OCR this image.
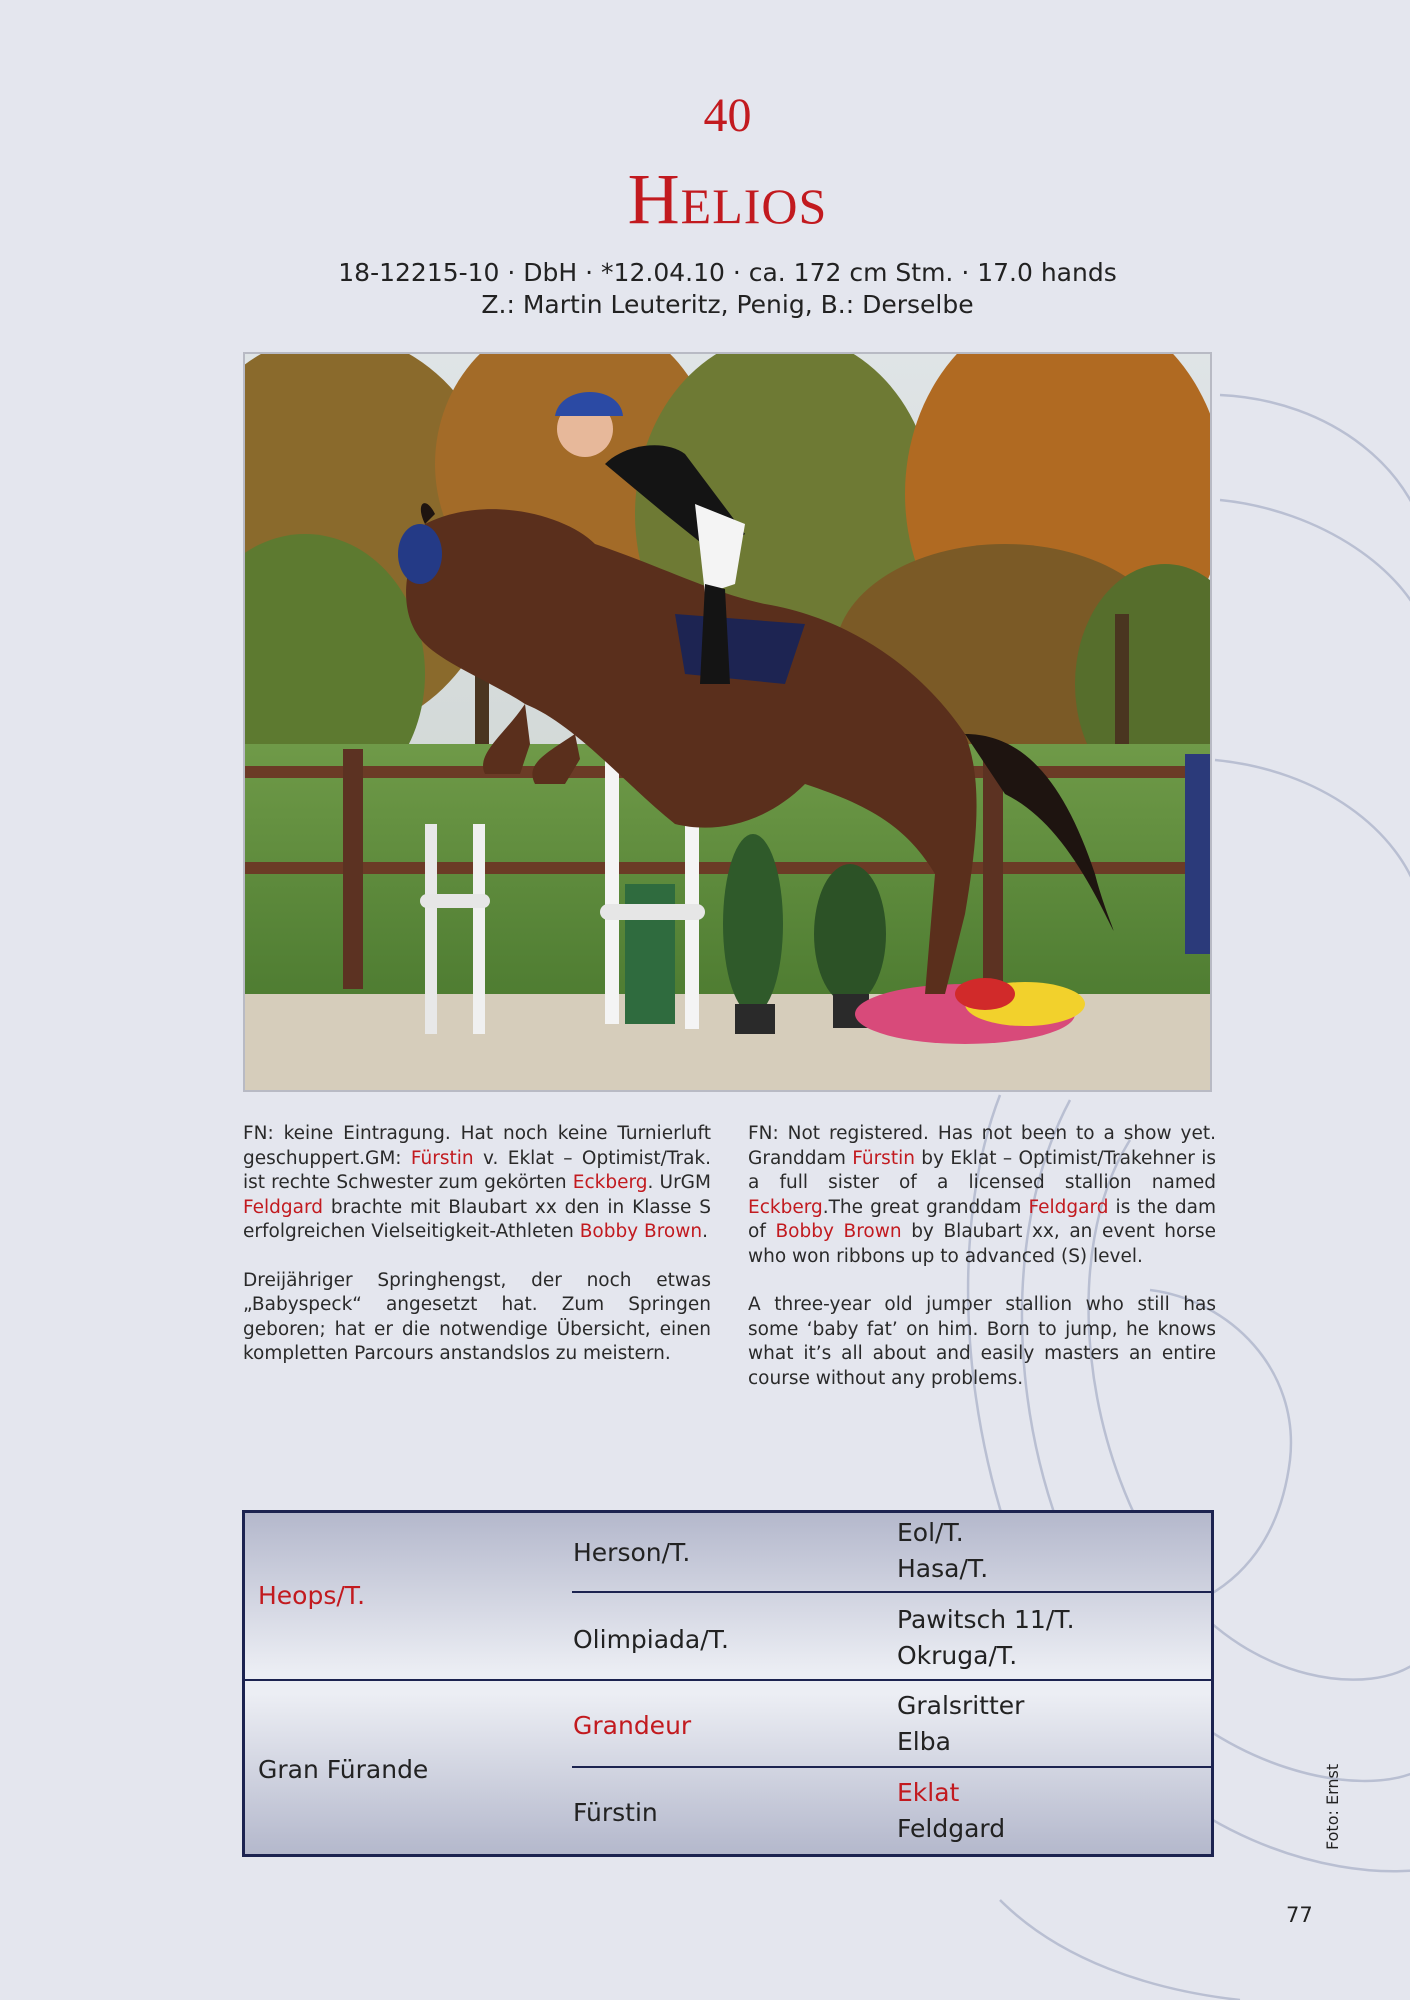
40
Helios
18-12215-10 · DbH · *12.04.10 · ca. 172 cm Stm. · 17.0 hands
Z.: Martin Leuteritz, Penig, B.: Derselbe

FN: keine Eintragung. Hat noch keine Turnierluft geschuppert.GM: Fürstin v. Eklat – Optimist/Trak. ist rechte Schwester zum gekörten Eckberg. UrGM Feldgard brachte mit Blaubart xx den in Klasse S erfolgreichen Vielseitigkeit-Athleten Bobby Brown.

Dreijähriger Springhengst, der noch etwas „Babyspeck“ angesetzt hat. Zum Springen geboren; hat er die notwendige Übersicht, einen kompletten Parcours anstandslos zu meistern.

FN: Not registered. Has not been to a show yet. Granddam Fürstin by Eklat – Optimist/Trakehner is a full sister of a licensed stallion named Eckberg.The great granddam Feldgard is the dam of Bobby Brown by Blaubart xx, an event horse who won ribbons up to advanced (S) level.

A three-year old jumper stallion who still has some ‘baby fat’ on him. Born to jump, he knows what it’s all about and easily masters an entire course without any problems.

Heops/T.
Herson/T.
Eol/T.
Hasa/T.
Olimpiada/T.
Pawitsch 11/T.
Okruga/T.
Gran Fürande
Grandeur
Gralsritter
Elba
Fürstin
Eklat
Feldgard	Foto: Ernst
77
